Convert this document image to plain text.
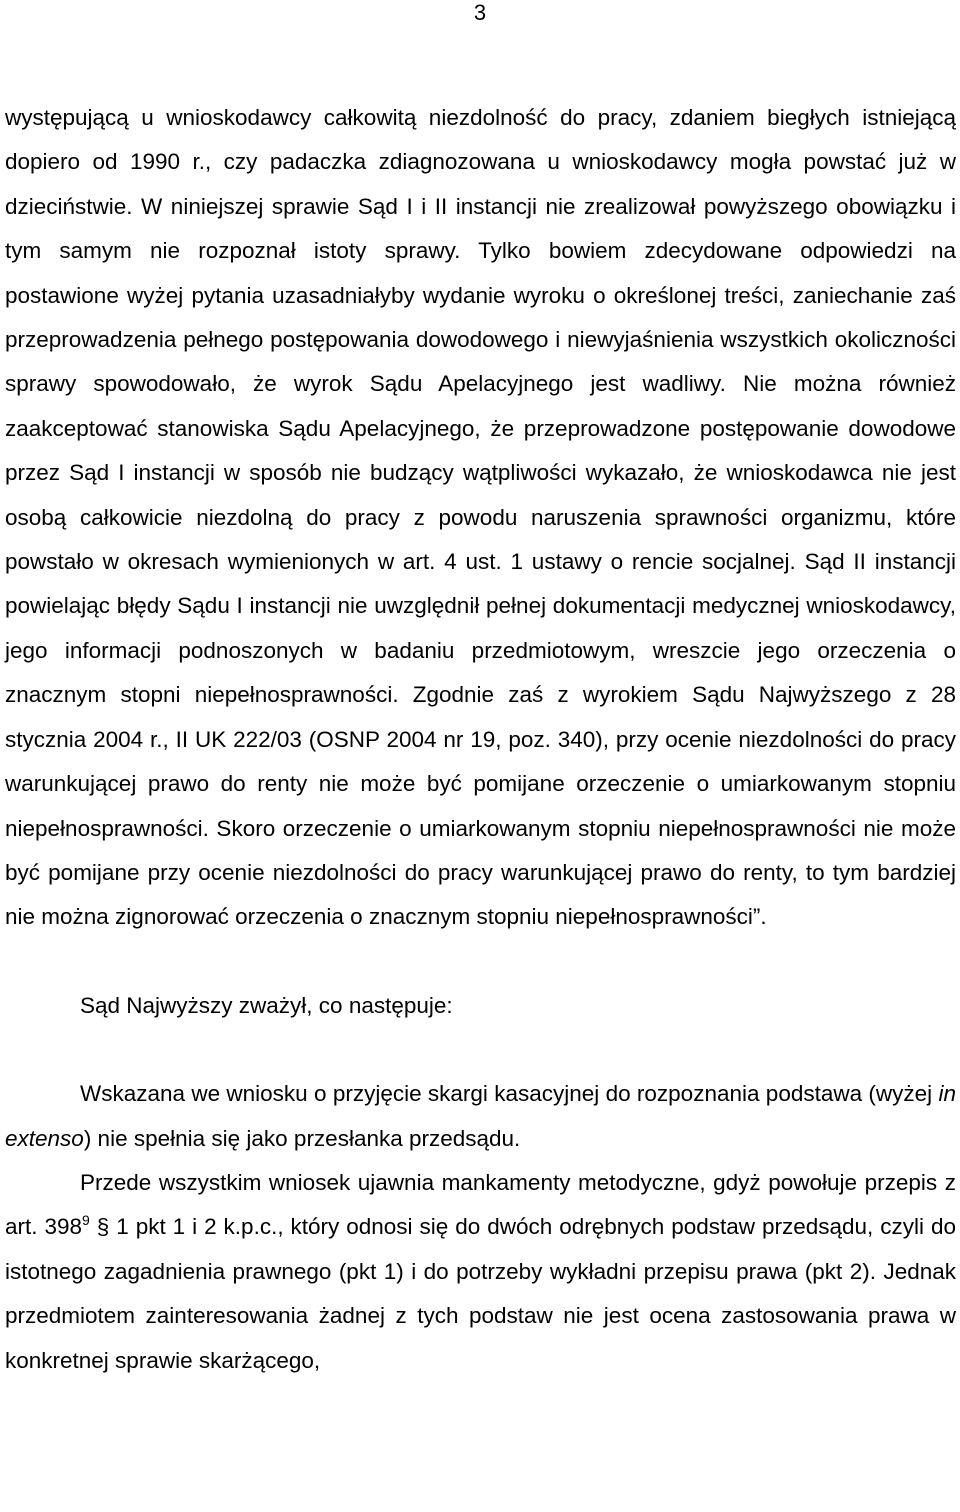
3

występującą u wnioskodawcy całkowitą niezdolność do pracy, zdaniem biegłych istniejącą dopiero od 1990 r., czy padaczka zdiagnozowana u wnioskodawcy mogła powstać już w dzieciństwie. W niniejszej sprawie Sąd I i II instancji nie zrealizował powyższego obowiązku i tym samym nie rozpoznał istoty sprawy. Tylko bowiem zdecydowane odpowiedzi na postawione wyżej pytania uzasadniałyby wydanie wyroku o określonej treści, zaniechanie zaś przeprowadzenia pełnego postępowania dowodowego i niewyjaśnienia wszystkich okoliczności sprawy spowodowało, że wyrok Sądu Apelacyjnego jest wadliwy. Nie można również zaakceptować stanowiska Sądu Apelacyjnego, że przeprowadzone postępowanie dowodowe przez Sąd I instancji w sposób nie budzący wątpliwości wykazało, że wnioskodawca nie jest osobą całkowicie niezdolną do pracy z powodu naruszenia sprawności organizmu, które powstało w okresach wymienionych w art. 4 ust. 1 ustawy o rencie socjalnej. Sąd II instancji powielając błędy Sądu I instancji nie uwzględnił pełnej dokumentacji medycznej wnioskodawcy, jego informacji podnoszonych w badaniu przedmiotowym, wreszcie jego orzeczenia o znacznym stopni niepełnosprawności. Zgodnie zaś z wyrokiem Sądu Najwyższego z 28 stycznia 2004 r., II UK 222/03 (OSNP 2004 nr 19, poz. 340), przy ocenie niezdolności do pracy warunkującej prawo do renty nie może być pomijane orzeczenie o umiarkowanym stopniu niepełnosprawności. Skoro orzeczenie o umiarkowanym stopniu niepełnosprawności nie może być pomijane przy ocenie niezdolności do pracy warunkującej prawo do renty, to tym bardziej nie można zignorować orzeczenia o znacznym stopniu niepełnosprawności”.

Sąd Najwyższy zważył, co następuje:

Wskazana we wniosku o przyjęcie skargi kasacyjnej do rozpoznania podstawa (wyżej in extenso) nie spełnia się jako przesłanka przedsądu.

Przede wszystkim wniosek ujawnia mankamenty metodyczne, gdyż powołuje przepis z art. $398^9$ § 1 pkt 1 i 2 k.p.c., który odnosi się do dwóch odrębnych podstaw przedsądu, czyli do istotnego zagadnienia prawnego (pkt 1) i do potrzeby wykładni przepisu prawa (pkt 2). Jednak przedmiotem zainteresowania żadnej z tych podstaw nie jest ocena zastosowania prawa w konkretnej sprawie skarżącego,
